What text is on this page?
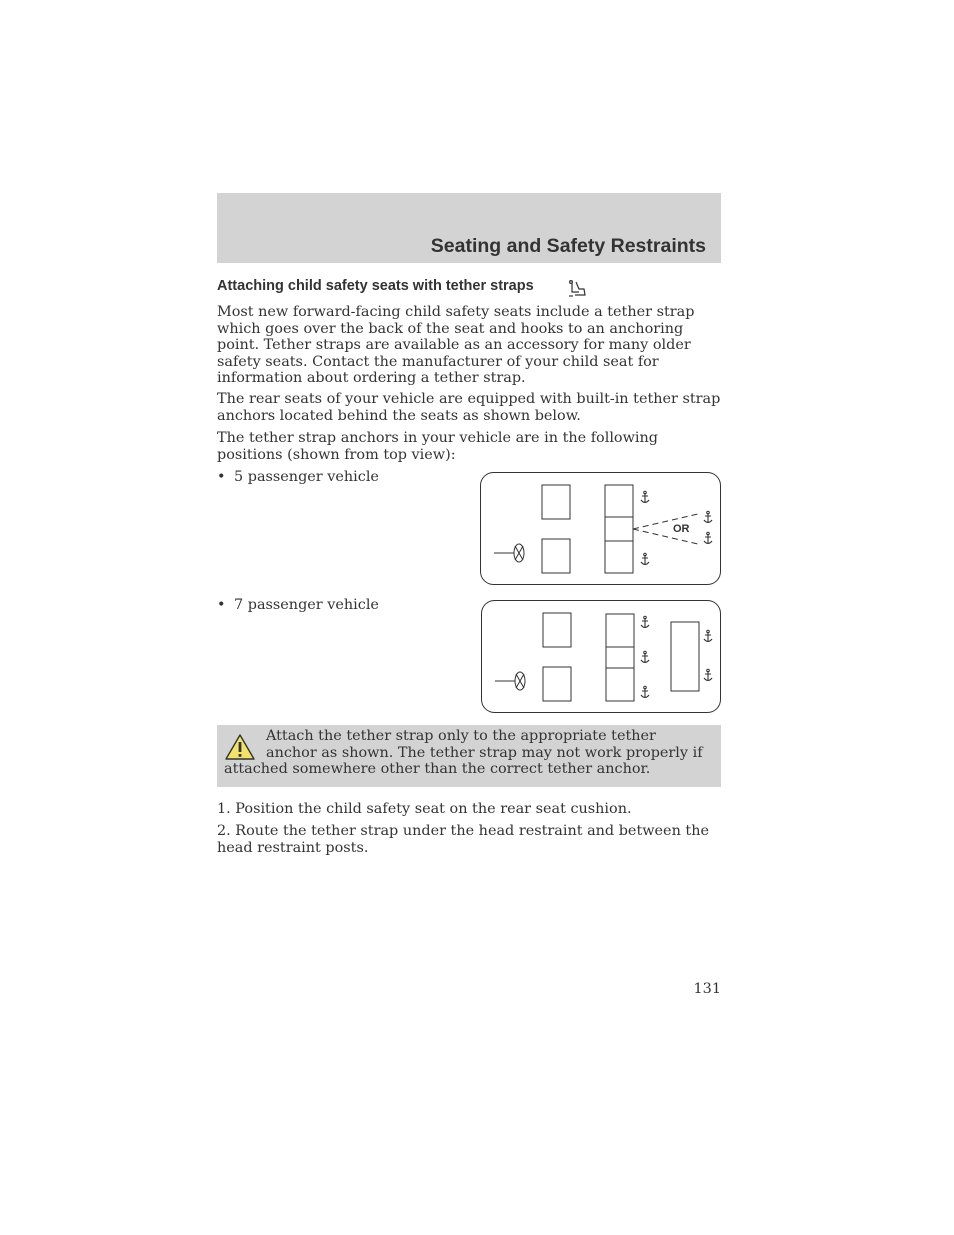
Seating and Safety Restraints
Attaching child safety seats with tether straps
Most new forward-facing child safety seats include a tether strap which goes over the back of the seat and hooks to an anchoring point. Tether straps are available as an accessory for many older safety seats. Contact the manufacturer of your child seat for information about ordering a tether strap.
The rear seats of your vehicle are equipped with built-in tether strap anchors located behind the seats as shown below.
The tether strap anchors in your vehicle are in the following positions (shown from top view):
• 5 passenger vehicle
• 7 passenger vehicle
OR
Attach the tether strap only to the appropriate tether anchor as shown. The tether strap may not work properly if attached somewhere other than the correct tether anchor.
1. Position the child safety seat on the rear seat cushion.
2. Route the tether strap under the head restraint and between the head restraint posts.
131
